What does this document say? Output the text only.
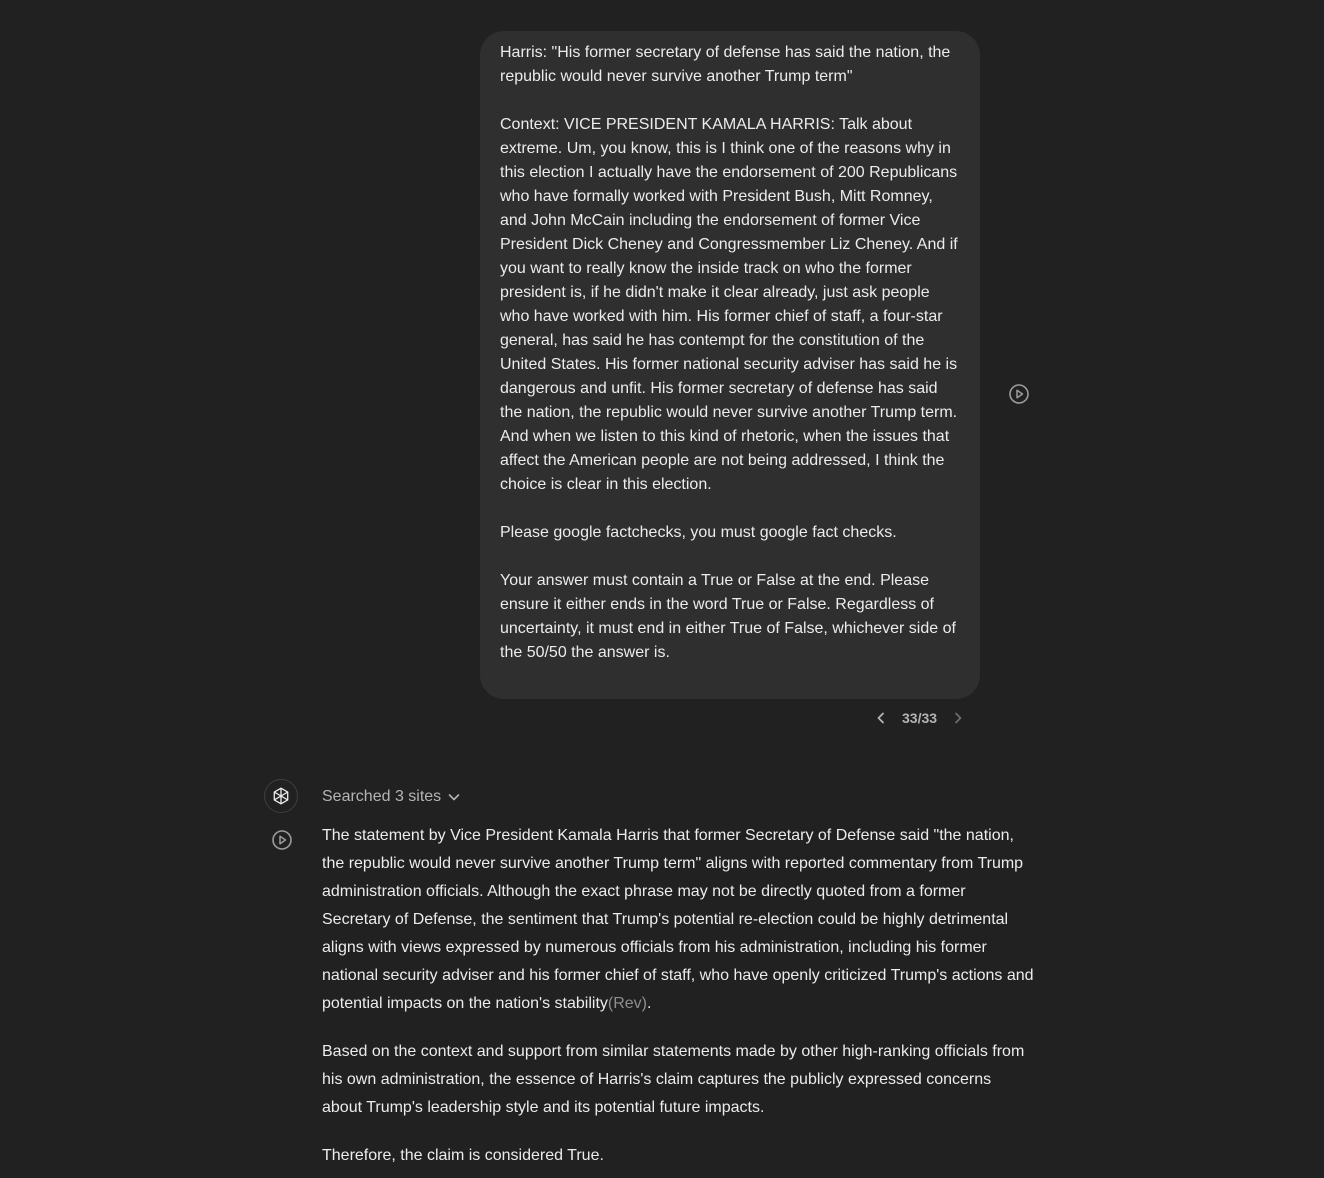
Harris: "His former secretary of defense has said the nation, the republic would never survive another Trump term"

Context: VICE PRESIDENT KAMALA HARRIS: Talk about extreme. Um, you know, this is I think one of the reasons why in this election I actually have the endorsement of 200 Republicans who have formally worked with President Bush, Mitt Romney, and John McCain including the endorsement of former Vice President Dick Cheney and Congressmember Liz Cheney. And if you want to really know the inside track on who the former president is, if he didn't make it clear already, just ask people who have worked with him. His former chief of staff, a four-star general, has said he has contempt for the constitution of the United States. His former national security adviser has said he is dangerous and unfit. His former secretary of defense has said the nation, the republic would never survive another Trump term. And when we listen to this kind of rhetoric, when the issues that affect the American people are not being addressed, I think the choice is clear in this election.

Please google factchecks, you must google fact checks.

Your answer must contain a True or False at the end. Please ensure it either ends in the word True or False. Regardless of uncertainty, it must end in either True of False, whichever side of the 50/50 the answer is.

33/33
Searched 3 sites

The statement by Vice President Kamala Harris that former Secretary of Defense said "the nation, the republic would never survive another Trump term" aligns with reported commentary from Trump administration officials. Although the exact phrase may not be directly quoted from a former Secretary of Defense, the sentiment that Trump's potential re-election could be highly detrimental aligns with views expressed by numerous officials from his administration, including his former national security adviser and his former chief of staff, who have openly criticized Trump's actions and potential impacts on the nation's stability(Rev).

Based on the context and support from similar statements made by other high-ranking officials from his own administration, the essence of Harris's claim captures the publicly expressed concerns about Trump's leadership style and its potential future impacts.

Therefore, the claim is considered True.
